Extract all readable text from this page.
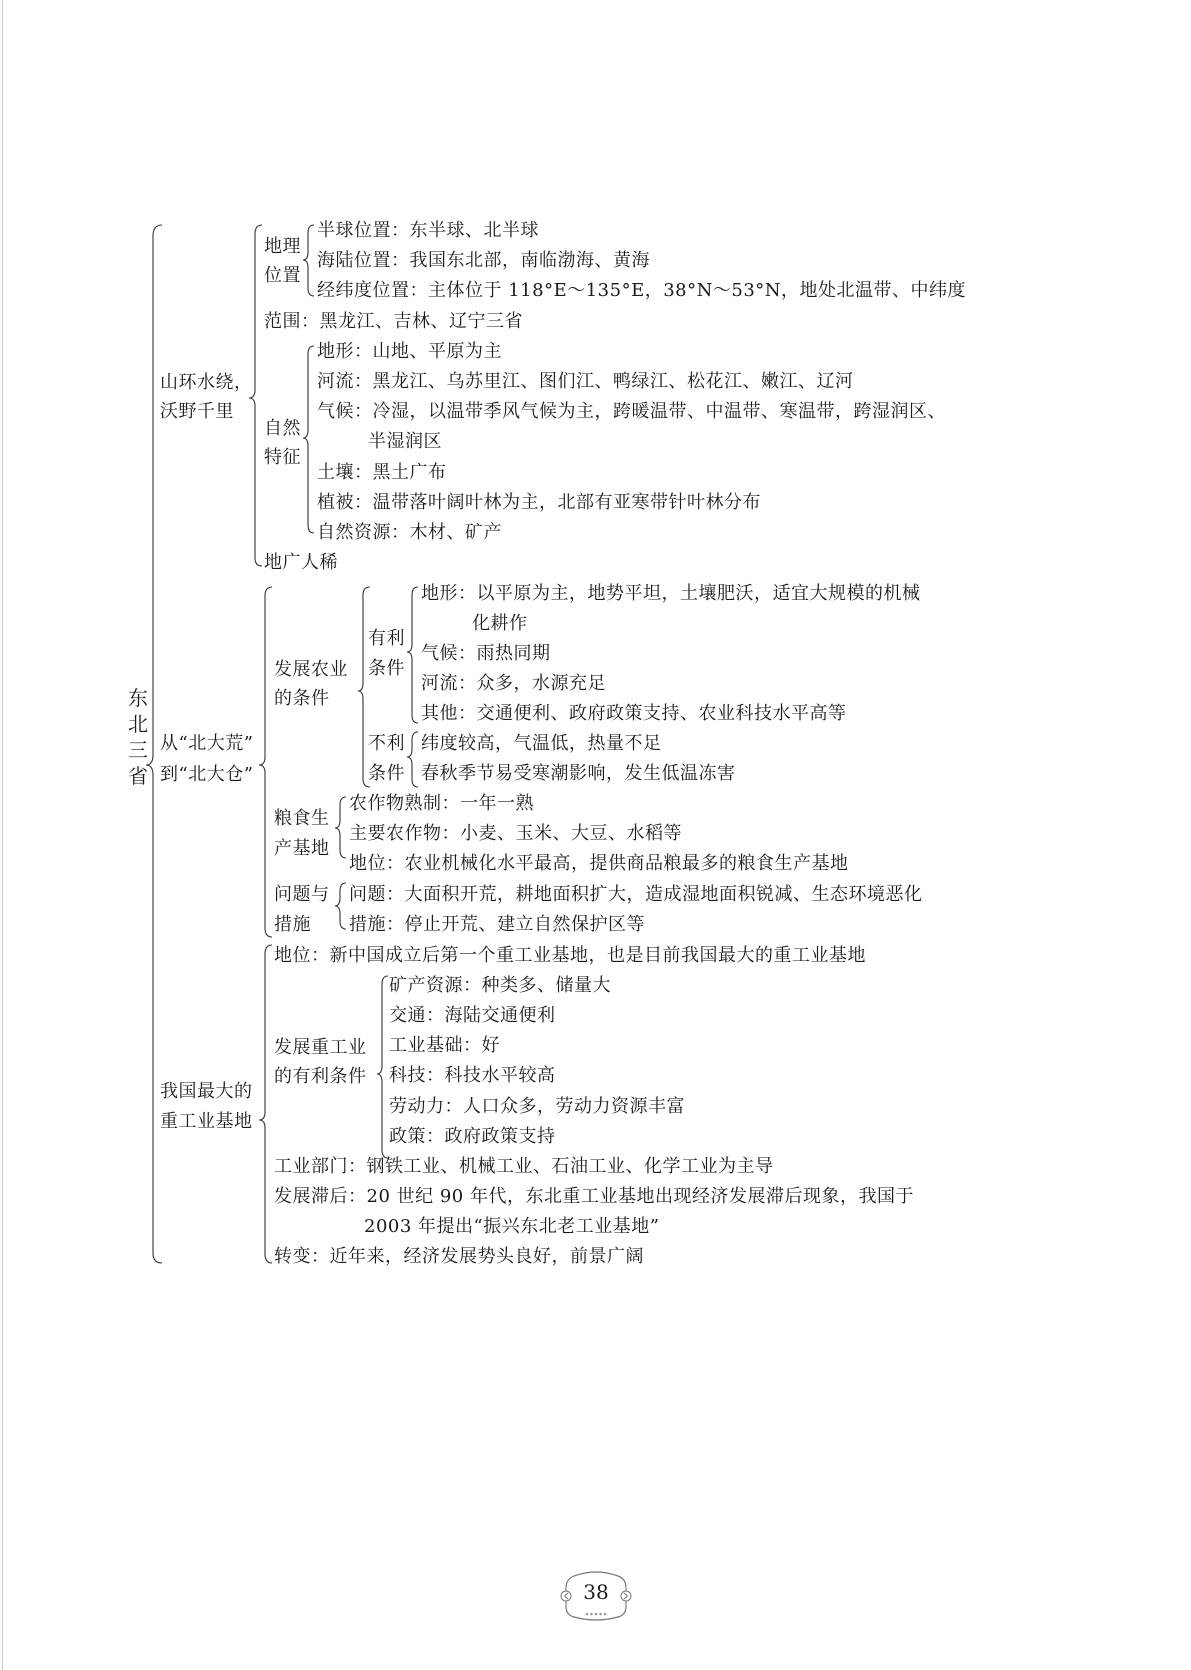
东
北
三
省
山环水绕，
沃野千里
地理
位置
半球位置：东半球、北半球
海陆位置：我国东北部，南临渤海、黄海
经纬度位置：主体位于 118°E～135°E，38°N～53°N，地处北温带、中纬度
范围：黑龙江、吉林、辽宁三省
自然
特征
地形：山地、平原为主
河流：黑龙江、乌苏里江、图们江、鸭绿江、松花江、嫩江、辽河
气候：冷湿，以温带季风气候为主，跨暖温带、中温带、寒温带，跨湿润区、
半湿润区
土壤：黑土广布
植被：温带落叶阔叶林为主，北部有亚寒带针叶林分布
自然资源：木材、矿产
地广人稀
从“北大荒”
到“北大仓”
发展农业
的条件
有利
条件
地形：以平原为主，地势平坦，土壤肥沃，适宜大规模的机械
化耕作
气候：雨热同期
河流：众多，水源充足
其他：交通便利、政府政策支持、农业科技水平高等
不利
条件
纬度较高，气温低，热量不足
春秋季节易受寒潮影响，发生低温冻害
粮食生
产基地
农作物熟制：一年一熟
主要农作物：小麦、玉米、大豆、水稻等
地位：农业机械化水平最高，提供商品粮最多的粮食生产基地
问题与
措施
问题：大面积开荒，耕地面积扩大，造成湿地面积锐减、生态环境恶化
措施：停止开荒、建立自然保护区等
我国最大的
重工业基地
地位：新中国成立后第一个重工业基地，也是目前我国最大的重工业基地
发展重工业
的有利条件
矿产资源：种类多、储量大
交通：海陆交通便利
工业基础：好
科技：科技水平较高
劳动力：人口众多，劳动力资源丰富
政策：政府政策支持
工业部门：钢铁工业、机械工业、石油工业、化学工业为主导
发展滞后：20 世纪 90 年代，东北重工业基地出现经济发展滞后现象，我国于
2003 年提出“振兴东北老工业基地”
转变：近年来，经济发展势头良好，前景广阔
38
